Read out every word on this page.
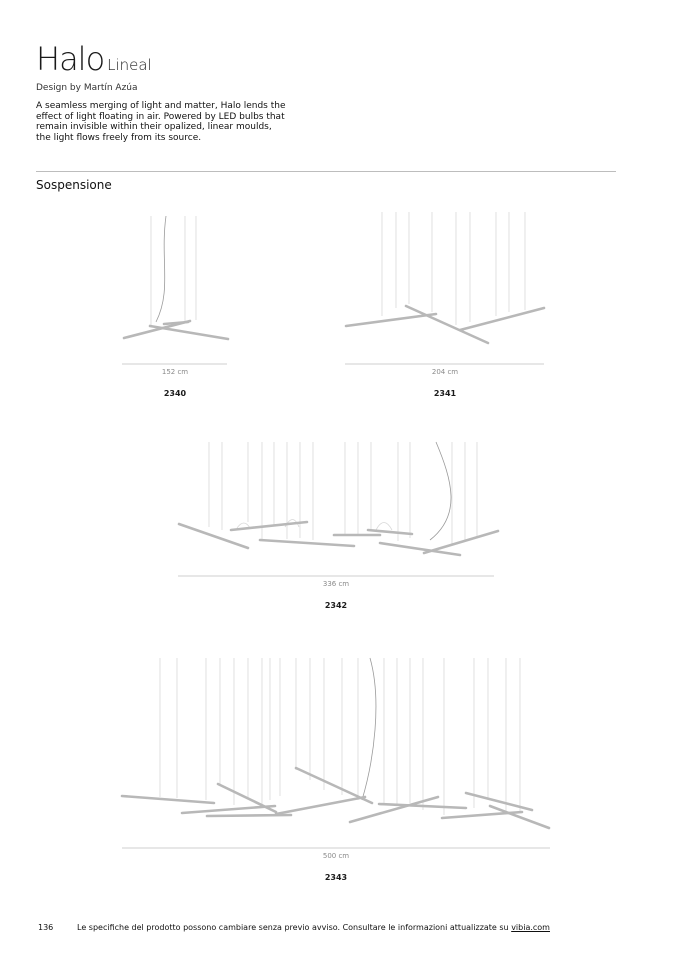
Halo Lineal
Design by Martín Azúa
A seamless merging of light and matter, Halo lends the effect of light floating in air. Powered by LED bulbs that remain invisible within their opalized, linear moulds, the light flows freely from its source.
Sospensione
152 cm
2340
204 cm
2341
336 cm
2342
500 cm
2343
136	Le specifiche del prodotto possono cambiare senza previo avviso. Consultare le informazioni attualizzate su vibia.com
